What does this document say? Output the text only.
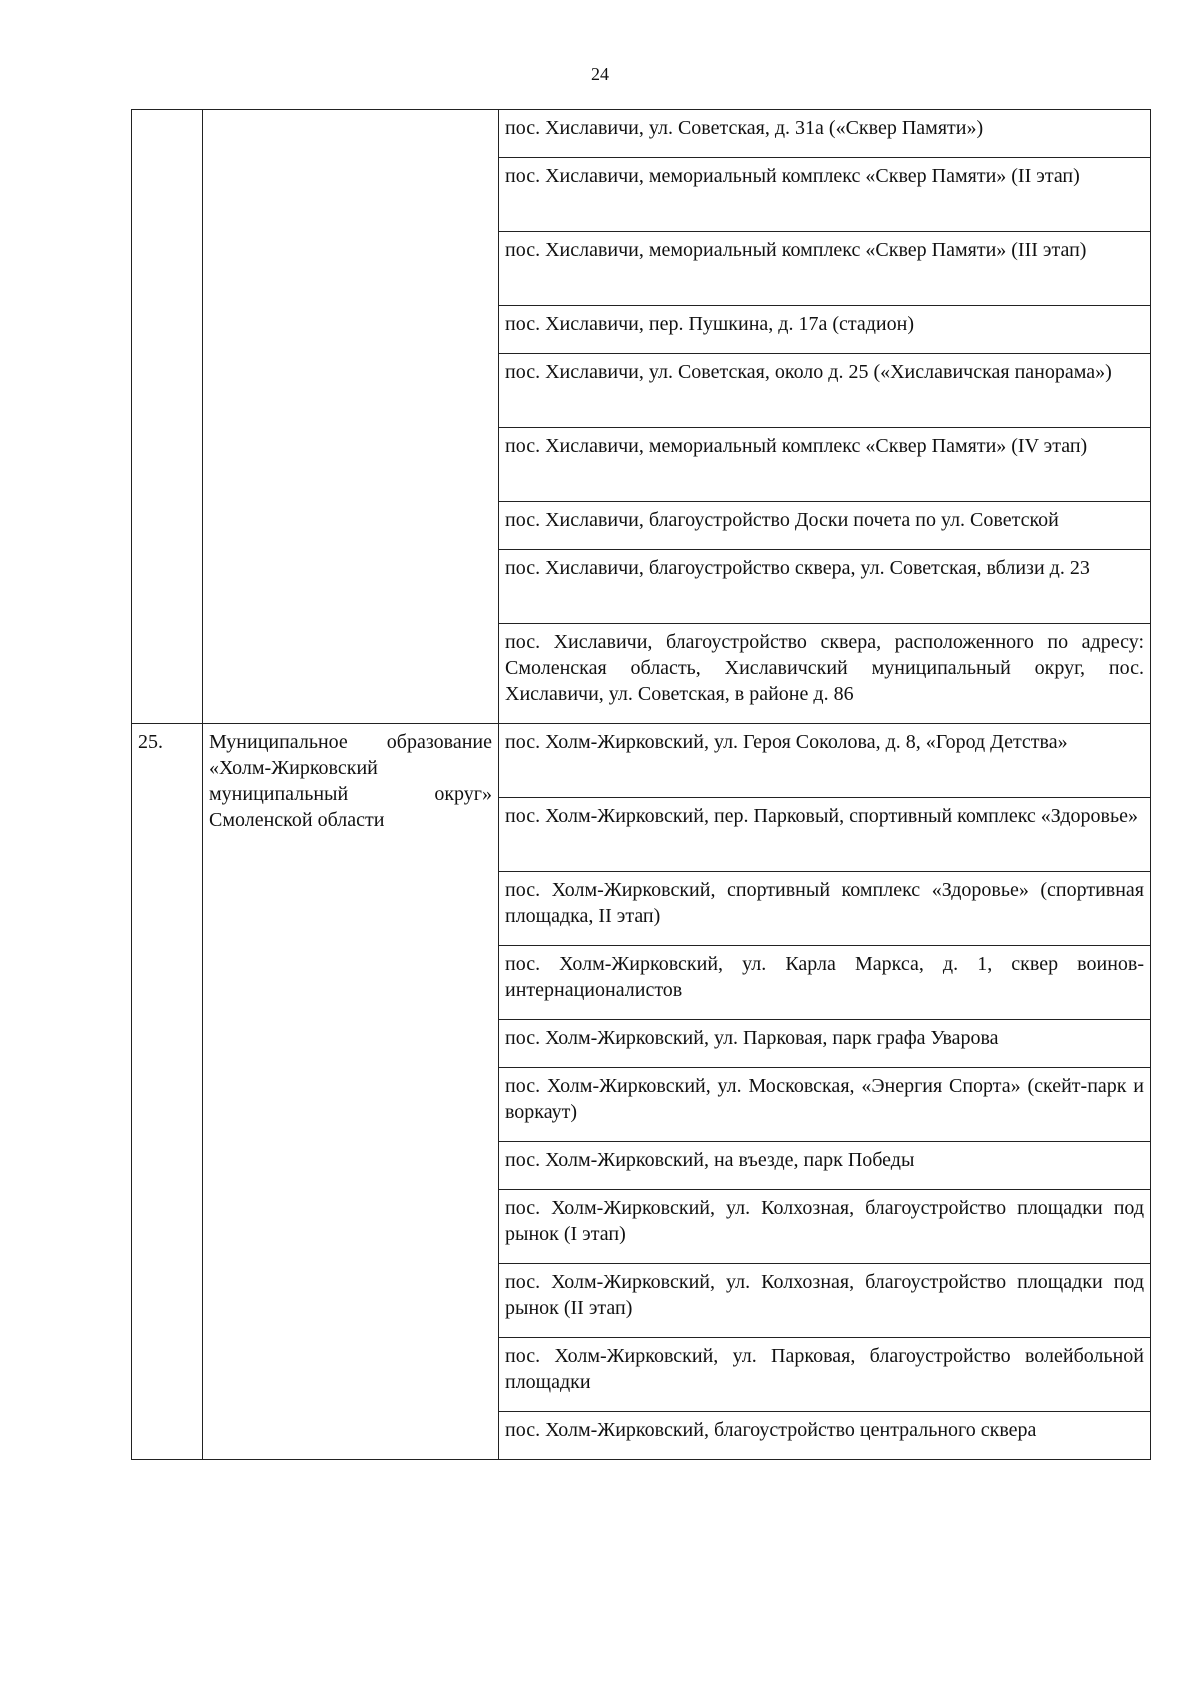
24
		пос. Хиславичи, ул. Советская, д. 31а («Сквер Памяти»)
		пос. Хиславичи, мемориальный комплекс «Сквер Памяти» (II этап)
		пос. Хиславичи, мемориальный комплекс «Сквер Памяти» (III этап)
		пос. Хиславичи, пер. Пушкина, д. 17а (стадион)
		пос. Хиславичи, ул. Советская, около д. 25 («Хиславичская панорама»)
		пос. Хиславичи, мемориальный комплекс «Сквер Памяти» (IV этап)
		пос. Хиславичи, благоустройство Доски почета по ул. Советской
		пос. Хиславичи, благоустройство сквера, ул. Советская, вблизи д. 23
		пос. Хиславичи, благоустройство сквера, расположенного по адресу: Смоленская область, Хиславичский муниципальный округ, пос. Хиславичи, ул. Советская, в районе д. 86
25.	Муниципальное образование «Холм-Жирковский муниципальный округ» Смоленской области	пос. Холм-Жирковский, ул. Героя Соколова, д. 8, «Город Детства»
		пос. Холм-Жирковский, пер. Парковый, спортивный комплекс «Здоровье»
		пос. Холм-Жирковский, спортивный комплекс «Здоровье» (спортивная площадка, II этап)
		пос. Холм-Жирковский, ул. Карла Маркса, д. 1, сквер воинов-интернационалистов
		пос. Холм-Жирковский, ул. Парковая, парк графа Уварова
		пос. Холм-Жирковский, ул. Московская, «Энергия Спорта» (скейт-парк и воркаут)
		пос. Холм-Жирковский, на въезде, парк Победы
		пос. Холм-Жирковский, ул. Колхозная, благоустройство площадки под рынок (I этап)
		пос. Холм-Жирковский, ул. Колхозная, благоустройство площадки под рынок (II этап)
		пос. Холм-Жирковский, ул. Парковая, благоустройство волейбольной площадки
		пос. Холм-Жирковский, благоустройство центрального сквера
